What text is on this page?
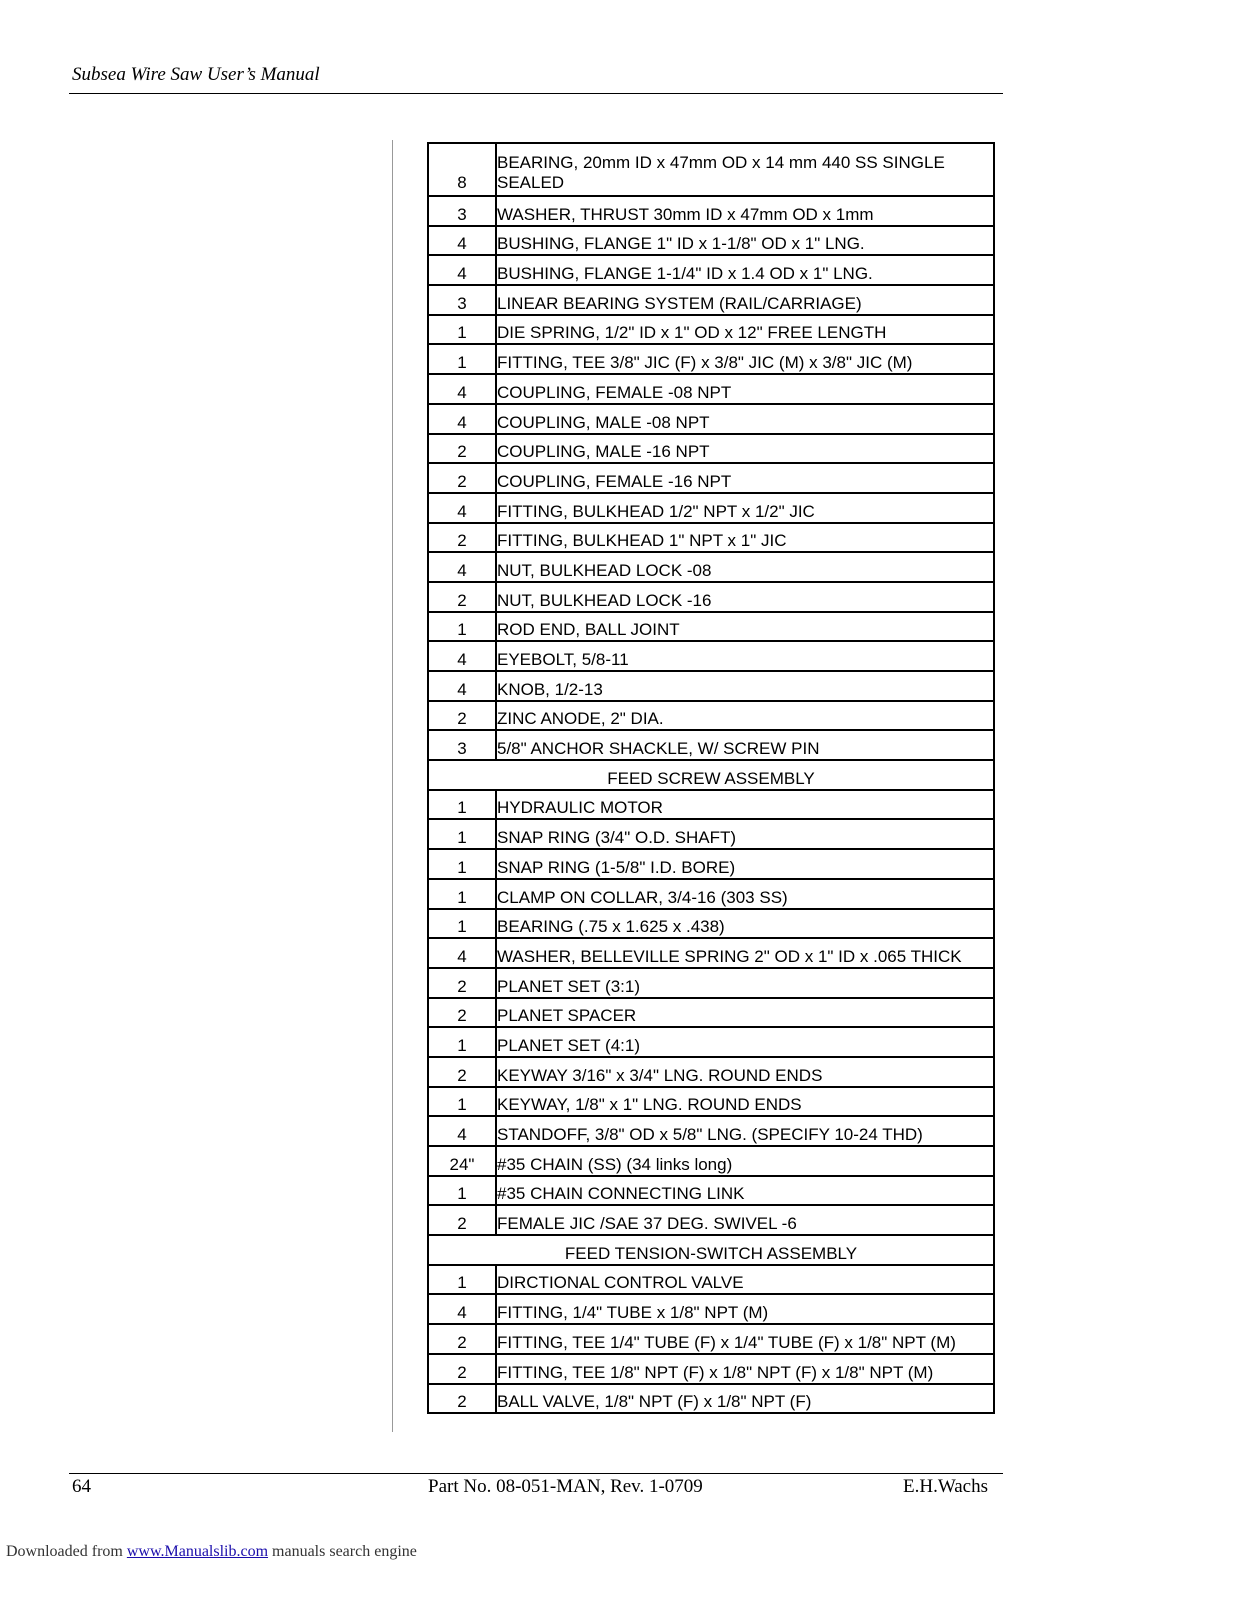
Subsea Wire Saw User’s Manual
8	BEARING, 20mm ID x 47mm OD x 14 mm 440 SS SINGLE
SEALED

3	WASHER, THRUST 30mm ID x 47mm OD x 1mm
4	BUSHING, FLANGE 1" ID x 1-1/8" OD x 1" LNG.
4	BUSHING, FLANGE 1-1/4" ID x 1.4 OD x 1" LNG.
3	LINEAR BEARING SYSTEM (RAIL/CARRIAGE)
1	DIE SPRING, 1/2" ID x 1" OD x 12" FREE LENGTH
1	FITTING, TEE 3/8" JIC (F) x 3/8" JIC (M) x 3/8" JIC (M)
4	COUPLING, FEMALE -08 NPT
4	COUPLING, MALE -08 NPT
2	COUPLING, MALE -16 NPT
2	COUPLING, FEMALE -16 NPT
4	FITTING, BULKHEAD 1/2" NPT x 1/2" JIC
2	FITTING, BULKHEAD 1" NPT x 1" JIC
4	NUT, BULKHEAD LOCK -08
2	NUT, BULKHEAD LOCK -16
1	ROD END, BALL JOINT
4	EYEBOLT, 5/8-11
4	KNOB, 1/2-13
2	ZINC ANODE, 2" DIA.
3	5/8" ANCHOR SHACKLE, W/ SCREW PIN
FEED SCREW ASSEMBLY	
1	HYDRAULIC MOTOR
1	SNAP RING (3/4" O.D. SHAFT)
1	SNAP RING (1-5/8" I.D. BORE)
1	CLAMP ON COLLAR, 3/4-16 (303 SS)
1	BEARING (.75 x 1.625 x .438)
4	WASHER, BELLEVILLE SPRING 2" OD x 1" ID x .065 THICK
2	PLANET SET (3:1)
2	PLANET SPACER
1	PLANET SET (4:1)
2	KEYWAY 3/16" x 3/4" LNG. ROUND ENDS
1	KEYWAY, 1/8" x 1" LNG. ROUND ENDS
4	STANDOFF, 3/8" OD x 5/8" LNG. (SPECIFY 10-24 THD)
24"	#35 CHAIN (SS) (34 links long)
1	#35 CHAIN CONNECTING LINK
2	FEMALE JIC /SAE 37 DEG. SWIVEL -6
FEED TENSION-SWITCH ASSEMBLY	
1	DIRCTIONAL CONTROL VALVE
4	FITTING, 1/4" TUBE x 1/8" NPT (M)
2	FITTING, TEE 1/4" TUBE (F) x 1/4" TUBE (F) x 1/8" NPT (M)
2	FITTING, TEE 1/8" NPT (F) x 1/8" NPT (F) x 1/8" NPT (M)
2	BALL VALVE, 1/8" NPT (F) x 1/8" NPT (F)
64	Part No. 08-051-MAN, Rev. 1-0709	E.H.Wachs
Downloaded from www.Manualslib.com manuals search engine
